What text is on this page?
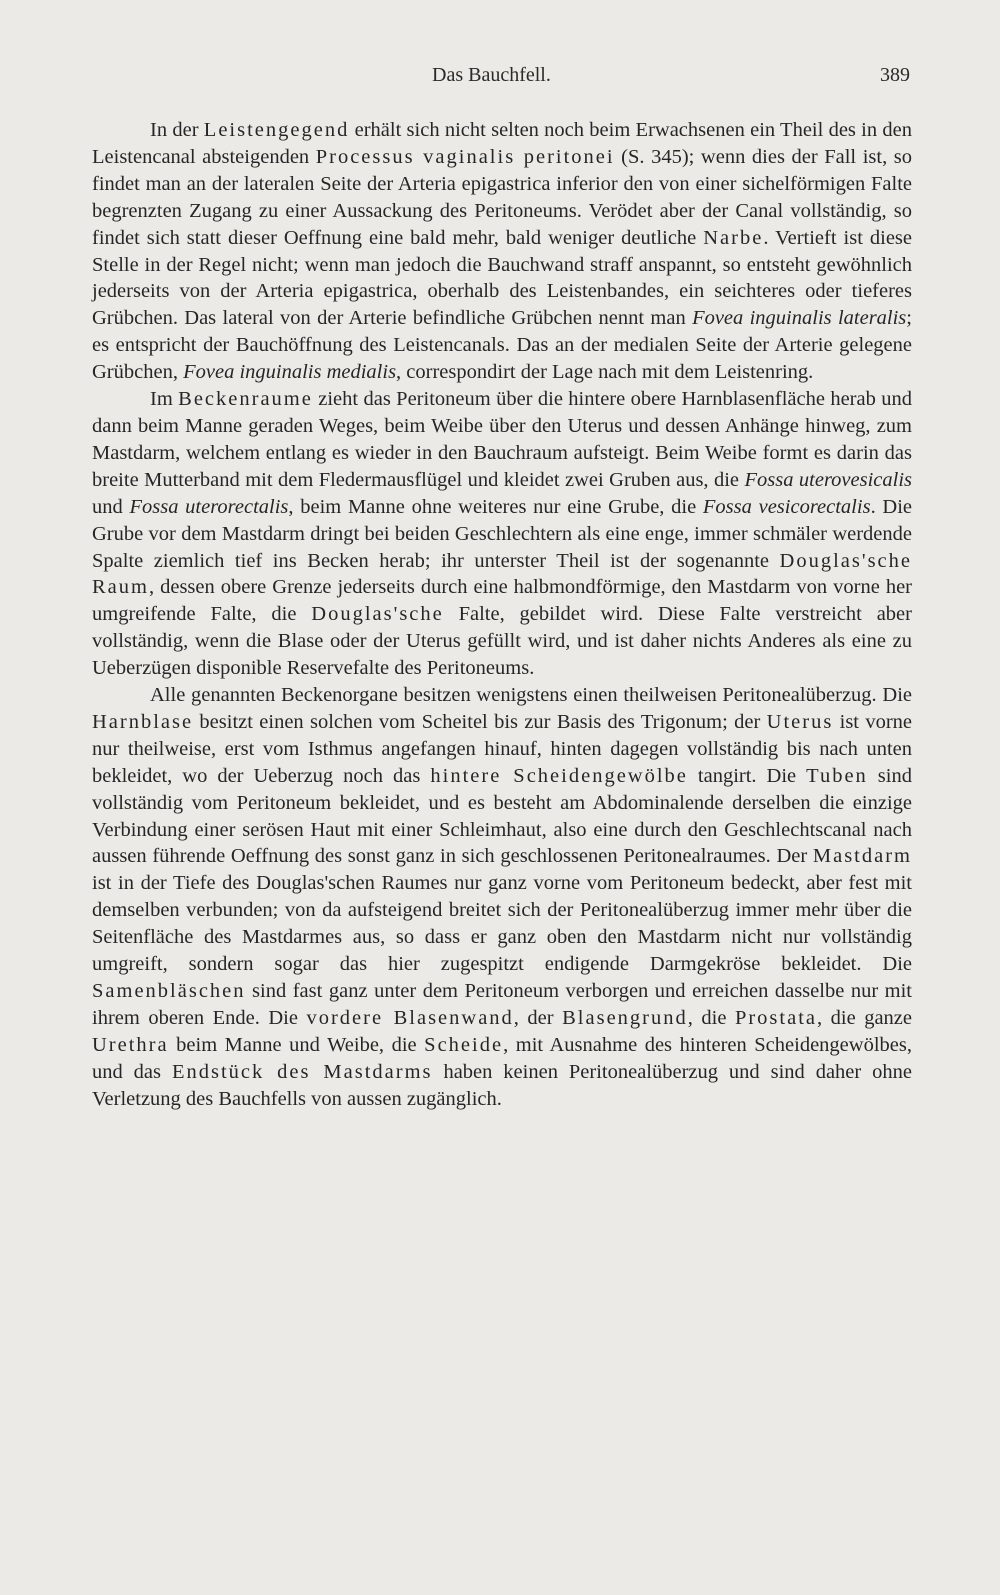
Das Bauchfell.	389

In der Leistengegend erhält sich nicht selten noch beim Erwachsenen ein Theil des in den Leistencanal absteigenden Processus vaginalis peritonei (S. 345); wenn dies der Fall ist, so findet man an der lateralen Seite der Arteria epigastrica inferior den von einer sichelförmigen Falte begrenzten Zugang zu einer Aussackung des Peritoneums. Verödet aber der Canal vollständig, so findet sich statt dieser Oeffnung eine bald mehr, bald weniger deutliche Narbe. Vertieft ist diese Stelle in der Regel nicht; wenn man jedoch die Bauchwand straff anspannt, so entsteht gewöhnlich jederseits von der Arteria epigastrica, oberhalb des Leistenbandes, ein seichteres oder tieferes Grübchen. Das lateral von der Arterie befindliche Grübchen nennt man Fovea inguinalis lateralis; es entspricht der Bauchöffnung des Leistencanals. Das an der medialen Seite der Arterie gelegene Grübchen, Fovea inguinalis medialis, correspondirt der Lage nach mit dem Leistenring.

Im Beckenraume zieht das Peritoneum über die hintere obere Harnblasenfläche herab und dann beim Manne geraden Weges, beim Weibe über den Uterus und dessen Anhänge hinweg, zum Mastdarm, welchem entlang es wieder in den Bauchraum aufsteigt. Beim Weibe formt es darin das breite Mutterband mit dem Fledermausflügel und kleidet zwei Gruben aus, die Fossa uterovesicalis und Fossa uterorectalis, beim Manne ohne weiteres nur eine Grube, die Fossa vesicorectalis. Die Grube vor dem Mastdarm dringt bei beiden Geschlechtern als eine enge, immer schmäler werdende Spalte ziemlich tief ins Becken herab; ihr unterster Theil ist der sogenannte Douglas'sche Raum, dessen obere Grenze jederseits durch eine halbmondförmige, den Mastdarm von vorne her umgreifende Falte, die Douglas'sche Falte, gebildet wird. Diese Falte verstreicht aber vollständig, wenn die Blase oder der Uterus gefüllt wird, und ist daher nichts Anderes als eine zu Ueberzügen disponible Reservefalte des Peritoneums.

Alle genannten Beckenorgane besitzen wenigstens einen theilweisen Peritonealüberzug. Die Harnblase besitzt einen solchen vom Scheitel bis zur Basis des Trigonum; der Uterus ist vorne nur theilweise, erst vom Isthmus angefangen hinauf, hinten dagegen vollständig bis nach unten bekleidet, wo der Ueberzug noch das hintere Scheidengewölbe tangirt. Die Tuben sind vollständig vom Peritoneum bekleidet, und es besteht am Abdominalende derselben die einzige Verbindung einer serösen Haut mit einer Schleimhaut, also eine durch den Geschlechtscanal nach aussen führende Oeffnung des sonst ganz in sich geschlossenen Peritonealraumes. Der Mastdarm ist in der Tiefe des Douglas'schen Raumes nur ganz vorne vom Peritoneum bedeckt, aber fest mit demselben verbunden; von da aufsteigend breitet sich der Peritonealüberzug immer mehr über die Seitenfläche des Mastdarmes aus, so dass er ganz oben den Mastdarm nicht nur vollständig umgreift, sondern sogar das hier zugespitzt endigende Darmgekröse bekleidet. Die Samenbläschen sind fast ganz unter dem Peritoneum verborgen und erreichen dasselbe nur mit ihrem oberen Ende. Die vordere Blasenwand, der Blasengrund, die Prostata, die ganze Urethra beim Manne und Weibe, die Scheide, mit Ausnahme des hinteren Scheidengewölbes, und das Endstück des Mastdarms haben keinen Peritonealüberzug und sind daher ohne Verletzung des Bauchfells von aussen zugänglich.
